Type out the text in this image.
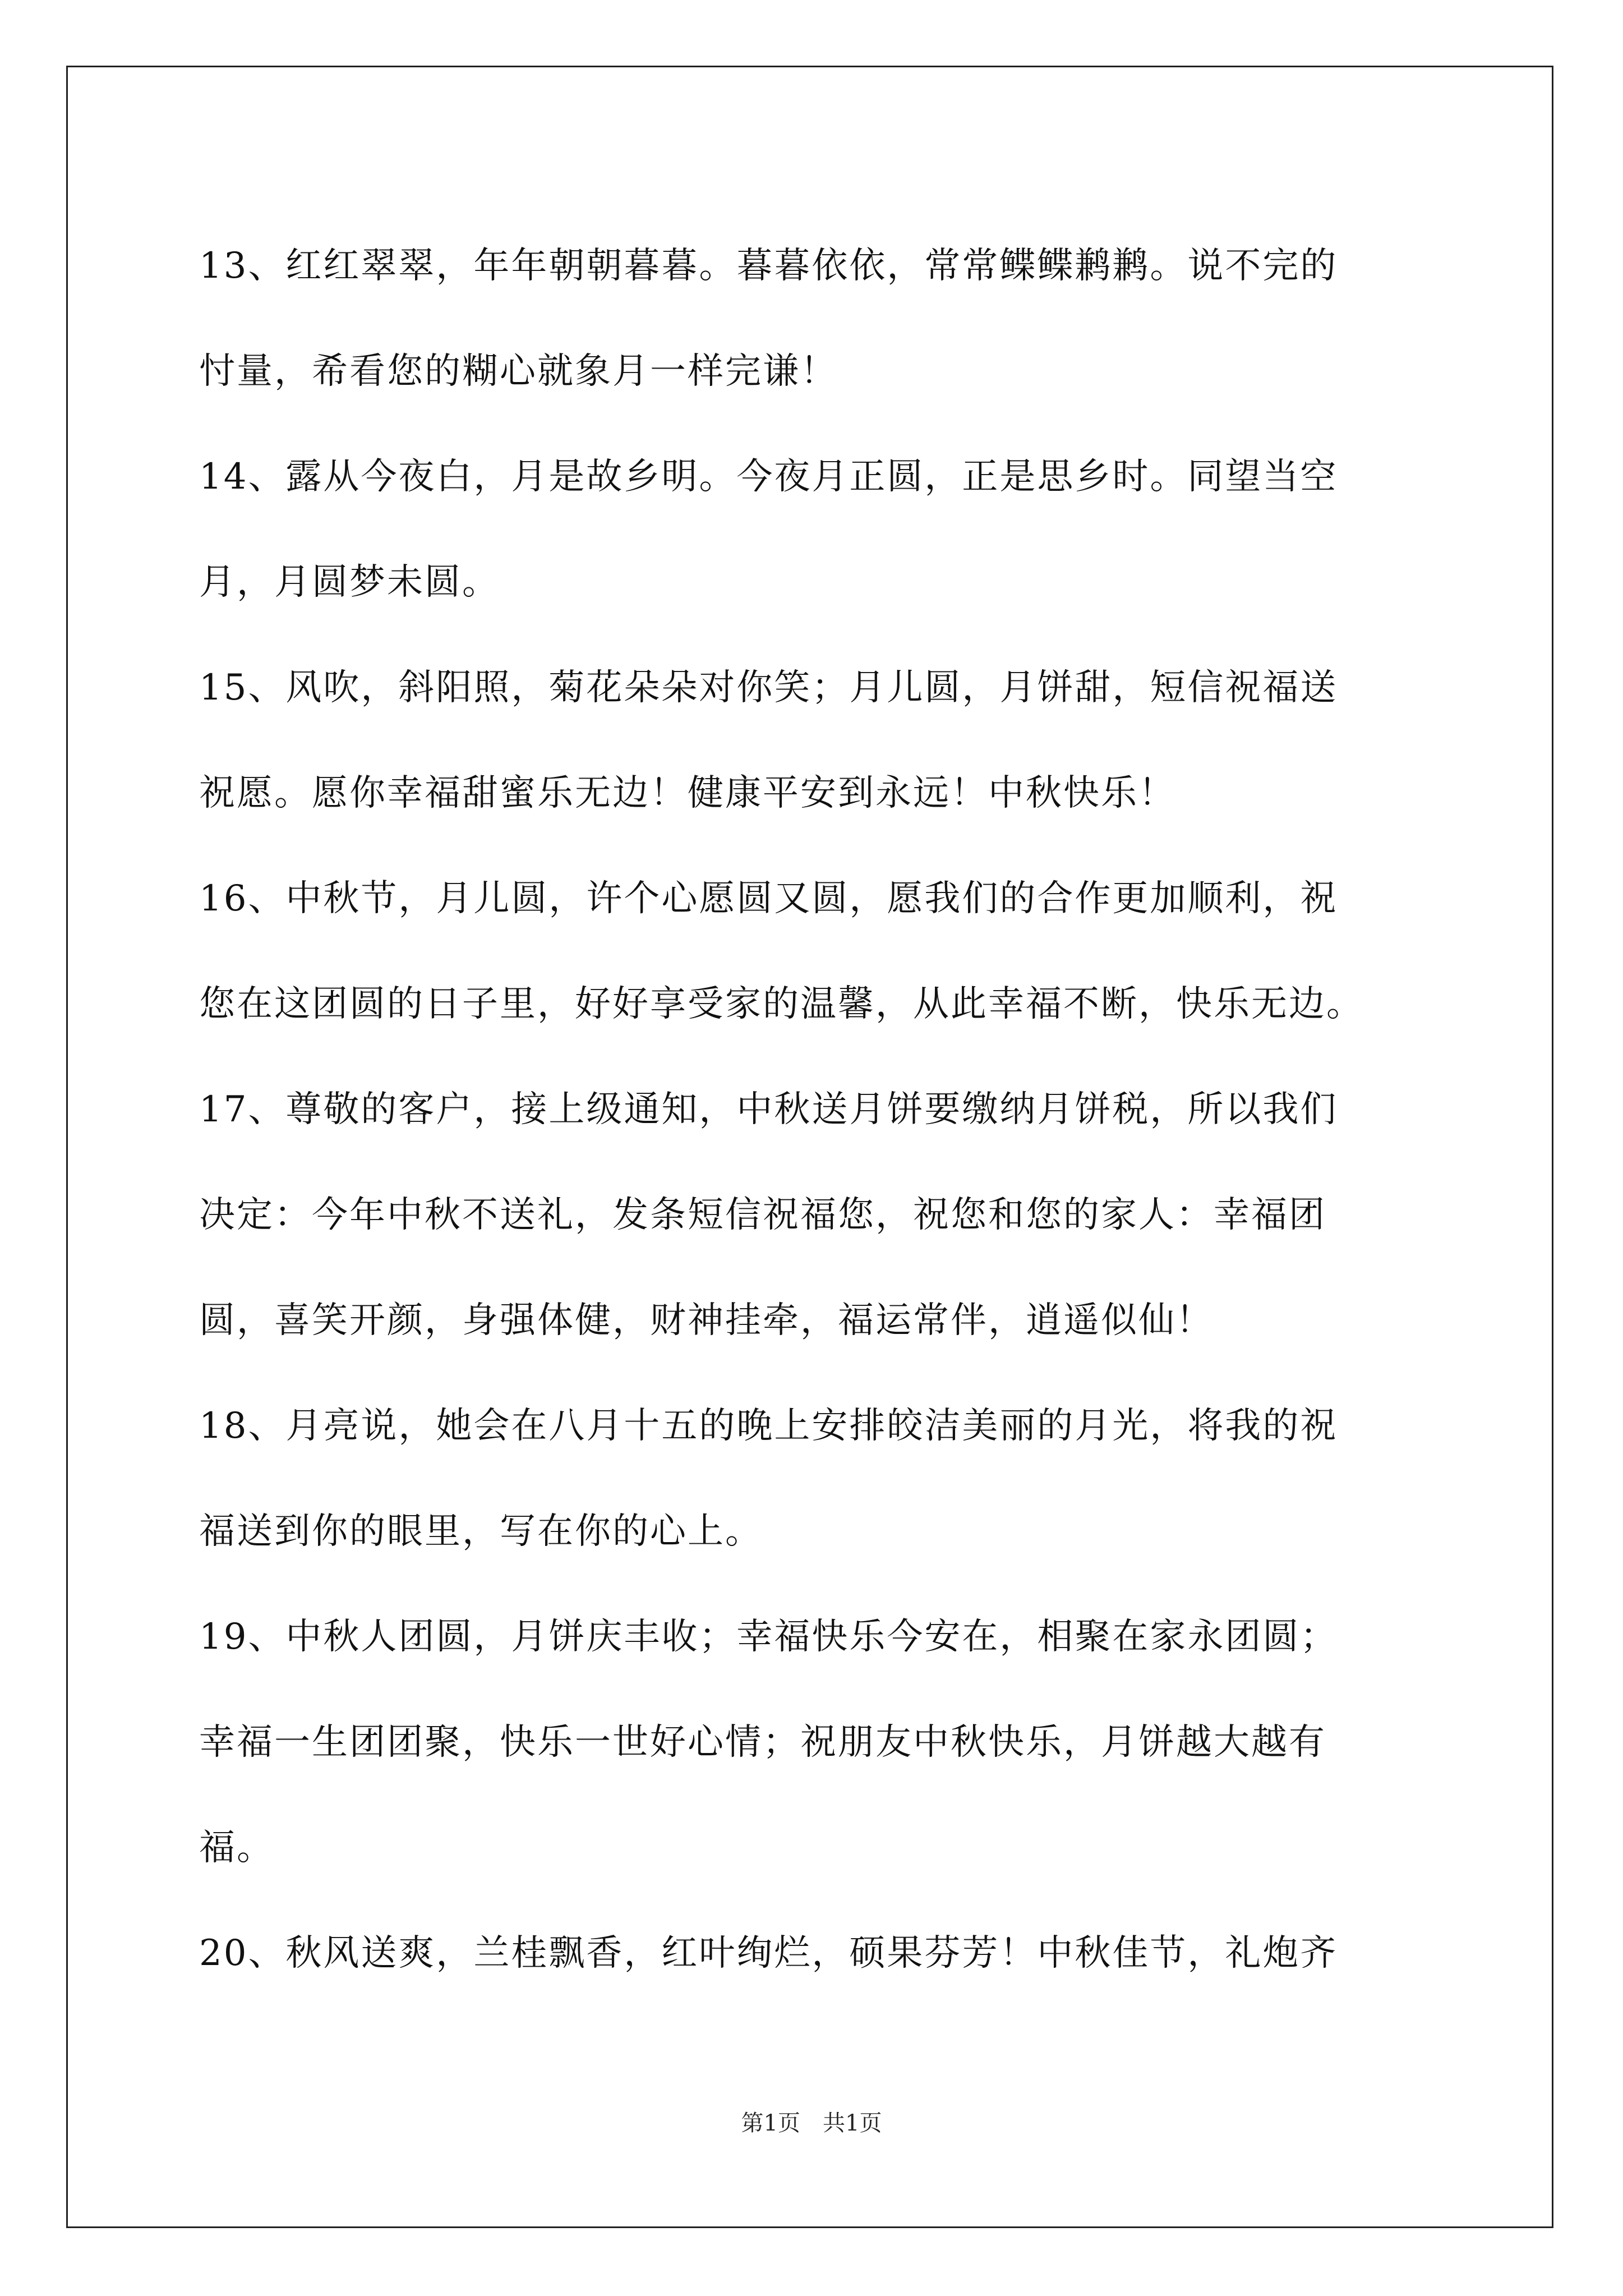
13、红红翠翠，年年朝朝暮暮。暮暮依依，常常鲽鲽鹣鹣。说不完的
忖量，希看您的糊心就象月一样完谦！
14、露从今夜白，月是故乡明。今夜月正圆，正是思乡时。同望当空
月，月圆梦未圆。
15、风吹，斜阳照，菊花朵朵对你笑；月儿圆，月饼甜，短信祝福送
祝愿。愿你幸福甜蜜乐无边！健康平安到永远！中秋快乐！
16、中秋节，月儿圆，许个心愿圆又圆，愿我们的合作更加顺利，祝
您在这团圆的日子里，好好享受家的温馨，从此幸福不断，快乐无边。
17、尊敬的客户，接上级通知，中秋送月饼要缴纳月饼税，所以我们
决定：今年中秋不送礼，发条短信祝福您，祝您和您的家人：幸福团
圆，喜笑开颜，身强体健，财神挂牵，福运常伴，逍遥似仙！
18、月亮说，她会在八月十五的晚上安排皎洁美丽的月光，将我的祝
福送到你的眼里，写在你的心上。
19、中秋人团圆，月饼庆丰收；幸福快乐今安在，相聚在家永团圆；
幸福一生团团聚，快乐一世好心情；祝朋友中秋快乐，月饼越大越有
福。
20、秋风送爽，兰桂飘香，红叶绚烂，硕果芬芳！中秋佳节，礼炮齐
第1页　共1页
